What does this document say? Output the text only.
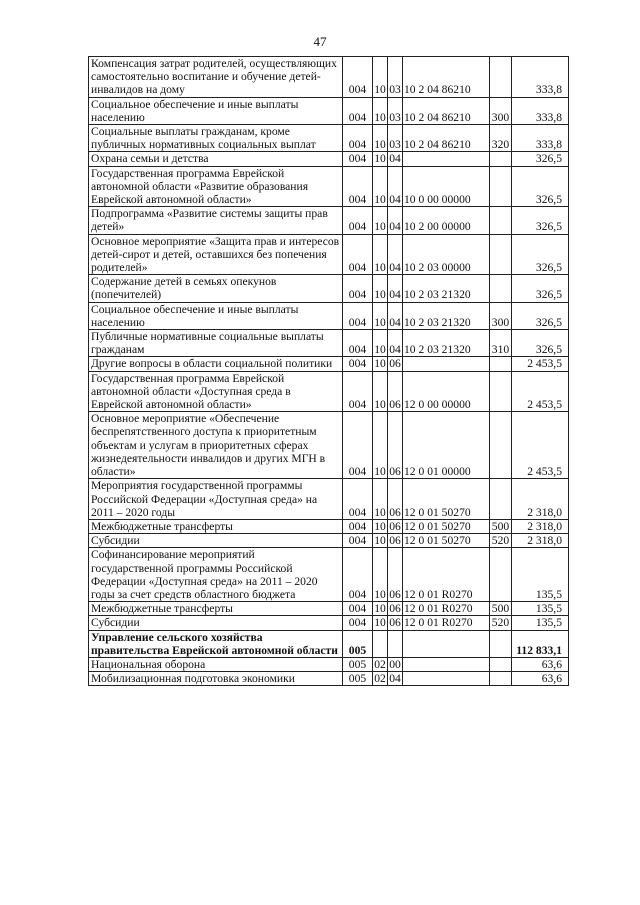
47
Компенсация затрат родителей, осуществляющих самостоятельно воспитание и обучение детей-инвалидов на дому	004	10	03	10 2 04 86210		333,8
Социальное обеспечение и иные выплаты населению	004	10	03	10 2 04 86210	300	333,8
Социальные выплаты гражданам, кроме публичных нормативных социальных выплат	004	10	03	10 2 04 86210	320	333,8
Охрана семьи и детства	004	10	04			326,5
Государственная программа Еврейской автономной области «Развитие образования Еврейской автономной области»	004	10	04	10 0 00 00000		326,5
Подпрограмма «Развитие системы защиты прав детей»	004	10	04	10 2 00 00000		326,5
Основное мероприятие «Защита прав и интересов детей-сирот и детей, оставшихся без попечения родителей»	004	10	04	10 2 03 00000		326,5
Содержание детей в семьях опекунов (попечителей)	004	10	04	10 2 03 21320		326,5
Социальное обеспечение и иные выплаты населению	004	10	04	10 2 03 21320	300	326,5
Публичные нормативные социальные выплаты гражданам	004	10	04	10 2 03 21320	310	326,5
Другие вопросы в области социальной политики	004	10	06			2 453,5
Государственная программа Еврейской автономной области «Доступная среда в Еврейской автономной области»	004	10	06	12 0 00 00000		2 453,5
Основное мероприятие «Обеспечение беспрепятственного доступа к приоритетным объектам и услугам в приоритетных сферах жизнедеятельности инвалидов и других МГН в области»	004	10	06	12 0 01 00000		2 453,5
Мероприятия государственной программы Российской Федерации «Доступная среда» на 2011 – 2020 годы	004	10	06	12 0 01 50270		2 318,0
Межбюджетные трансферты	004	10	06	12 0 01 50270	500	2 318,0
Субсидии	004	10	06	12 0 01 50270	520	2 318,0
Софинансирование мероприятий государственной программы Российской Федерации «Доступная среда» на 2011 – 2020 годы за счет средств областного бюджета	004	10	06	12 0 01 R0270		135,5
Межбюджетные трансферты	004	10	06	12 0 01 R0270	500	135,5
Субсидии	004	10	06	12 0 01 R0270	520	135,5
Управление сельского хозяйства правительства Еврейской автономной области	005					112 833,1
Национальная оборона	005	02	00			63,6
Мобилизационная подготовка экономики	005	02	04			63,6
